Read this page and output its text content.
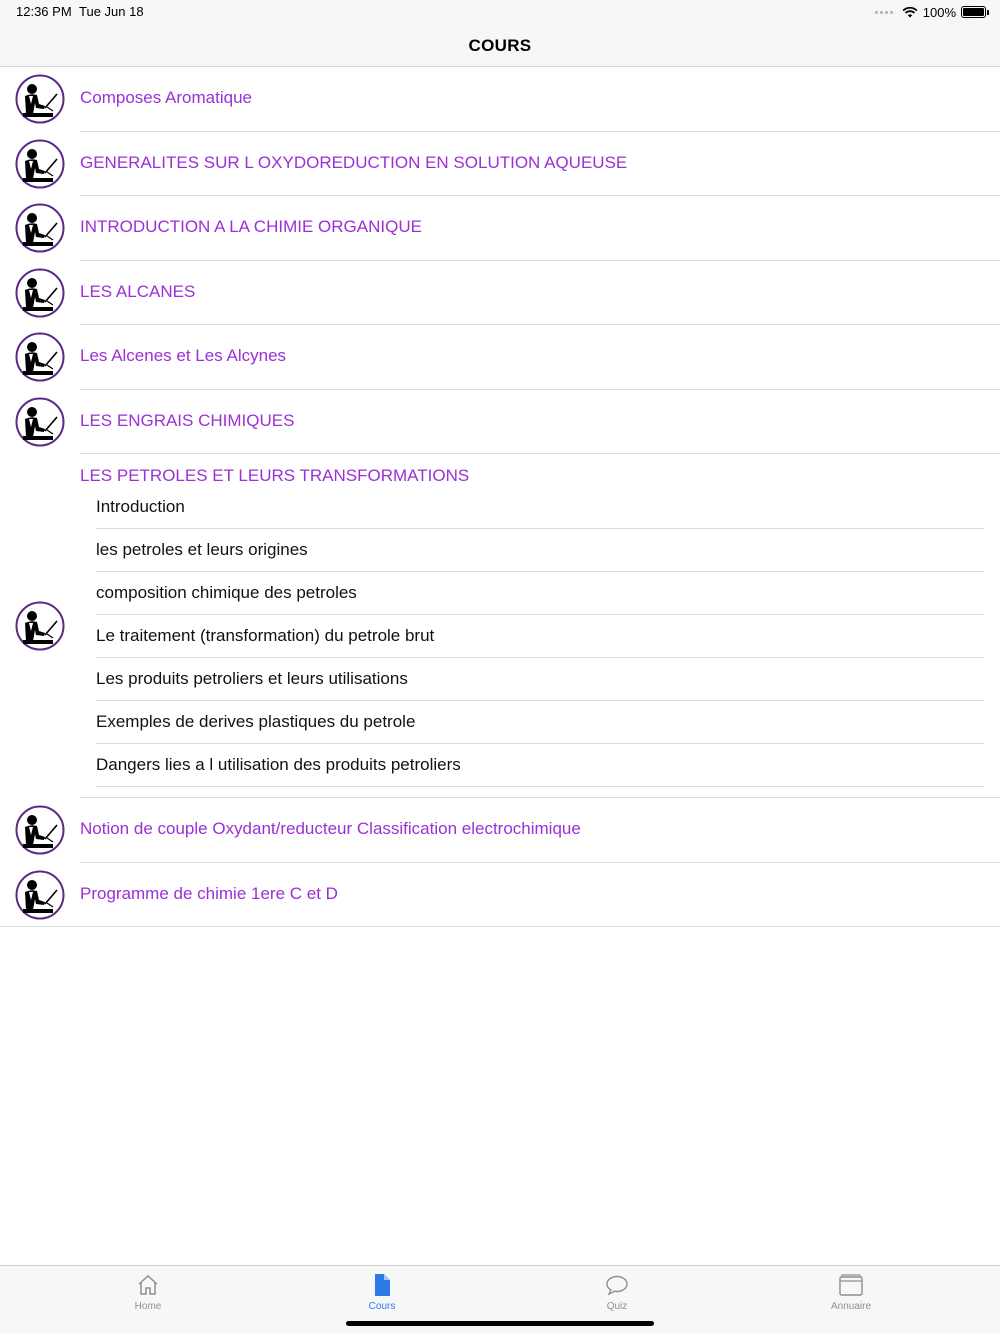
12:36 PM Tue Jun 18	100%
COURS
Composes Aromatique
GENERALITES SUR L OXYDOREDUCTION EN SOLUTION AQUEUSE
INTRODUCTION A LA CHIMIE ORGANIQUE
LES ALCANES
Les Alcenes et Les Alcynes
LES ENGRAIS CHIMIQUES
LES PETROLES ET LEURS TRANSFORMATIONS
Introduction
les petroles et leurs origines
composition chimique des petroles
Le traitement (transformation) du petrole brut
Les produits petroliers et leurs utilisations
Exemples de derives plastiques du petrole
Dangers lies a l utilisation des produits petroliers
Notion de couple Oxydant/reducteur Classification electrochimique
Programme de chimie 1ere C et D
Home	Cours	Quiz	Annuaire
